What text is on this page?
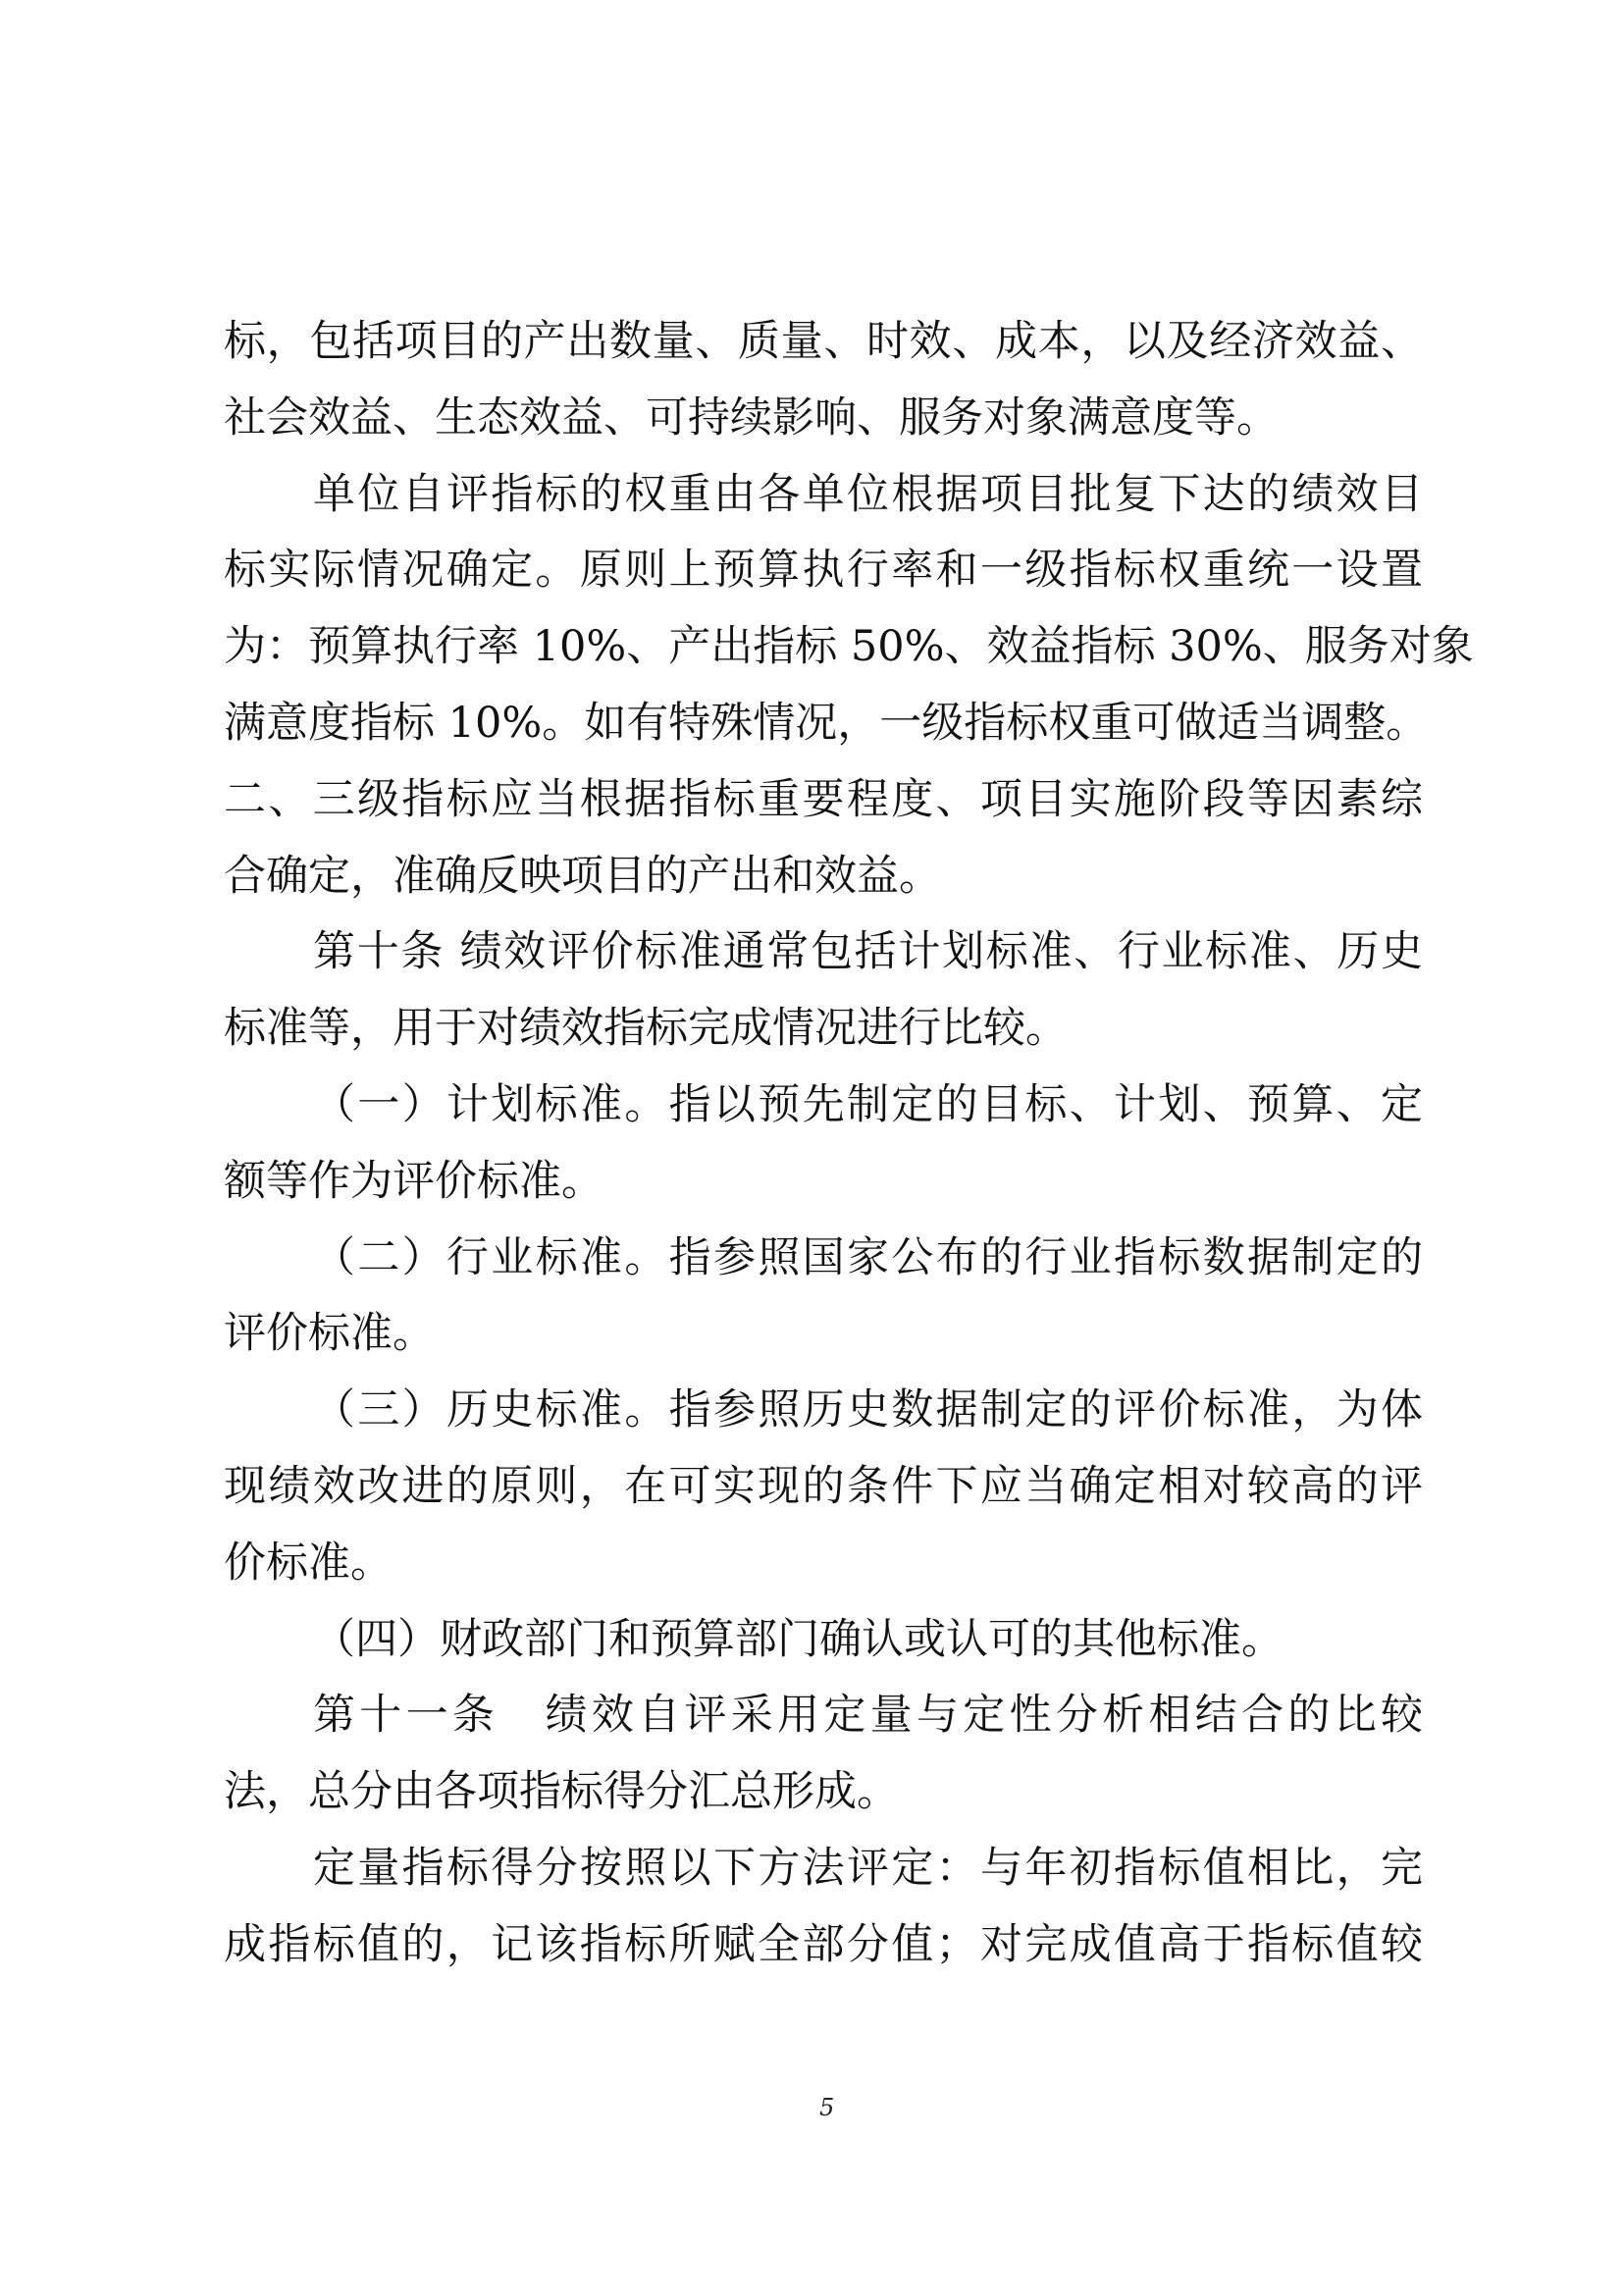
标，包括项目的产出数量、质量、时效、成本，以及经济效益、
社会效益、生态效益、可持续影响、服务对象满意度等。
单位自评指标的权重由各单位根据项目批复下达的绩效目
标实际情况确定。原则上预算执行率和一级指标权重统一设置
为：预算执行率 10%、产出指标 50%、效益指标 30%、服务对象
满意度指标 10%。如有特殊情况，一级指标权重可做适当调整。
二、三级指标应当根据指标重要程度、项目实施阶段等因素综
合确定，准确反映项目的产出和效益。
第十条 绩效评价标准通常包括计划标准、行业标准、历史
标准等，用于对绩效指标完成情况进行比较。
（一）计划标准。指以预先制定的目标、计划、预算、定
额等作为评价标准。
（二）行业标准。指参照国家公布的行业指标数据制定的
评价标准。
（三）历史标准。指参照历史数据制定的评价标准，为体
现绩效改进的原则，在可实现的条件下应当确定相对较高的评
价标准。
（四）财政部门和预算部门确认或认可的其他标准。
第十一条　绩效自评采用定量与定性分析相结合的比较
法，总分由各项指标得分汇总形成。
定量指标得分按照以下方法评定：与年初指标值相比，完
成指标值的，记该指标所赋全部分值；对完成值高于指标值较
5
